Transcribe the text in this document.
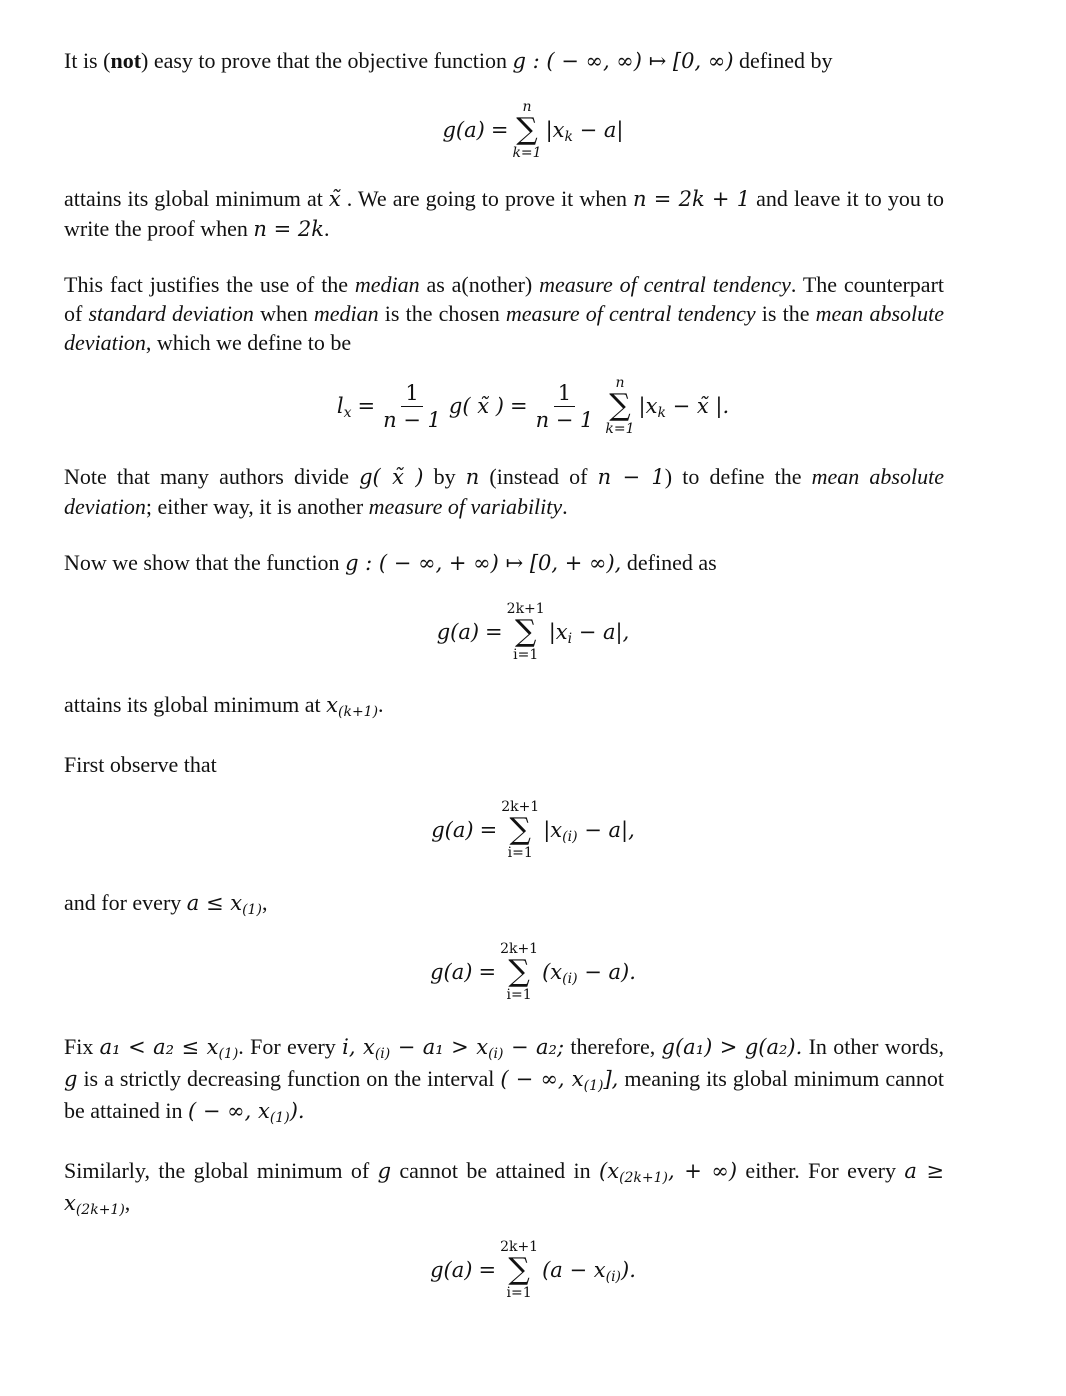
It is (not) easy to prove that the objective function g : ( − ∞, ∞) ↦ [0, ∞) defined by
g(a) =
n
∑
k=1
$|x_k - a|$
attains its global minimum at x̃ . We are going to prove it when n = 2k + 1 and leave it to you to write the proof when n = 2k.
This fact justifies the use of the median as a(nother) measure of central tendency. The counterpart of standard deviation when median is the chosen measure of central tendency is the mean absolute deviation, which we define to be
$l_x = \frac{1}{n - 1} g$( x̃ ) = $\frac{1}{n - 1}$ n
∑
k=1
$|x_k$ − x̃ |.
Note that many authors divide g( x̃ ) by n (instead of n − 1) to define the mean absolute deviation; either way, it is another measure of variability.
Now we show that the function g : ( − ∞, + ∞) ↦ [0, + ∞), defined as
g(a) =
2k+1
∑
i=1
$|x_i - a|$,
attains its global minimum at $x_{(k+1)}$.
First observe that
g(a) =
2k+1
∑
i=1
$|x_{(i)} - a|$,
and for every $a \le x_{(1)}$,
g(a) =
2k+1
∑
i=1
$(x_{(i)} - a)$.
Fix $a_1 < a_2 \le x_{(1)}$. For every i, $x_{(i)} - a_1 > x_{(i)} - a_2$; therefore, g(a₁) > g(a₂). In other words, g is a strictly decreasing function on the interval ( − ∞, $x_{(1)}$], meaning its global minimum cannot be attained in ( − ∞, $x_{(1)}$).
Similarly, the global minimum of g cannot be attained in ($x_{(2k+1)}$, + ∞) either. For every $a \ge x_{(2k+1)}$,
g(a) =
2k+1
∑
i=1
$(a - x_{(i)})$.
